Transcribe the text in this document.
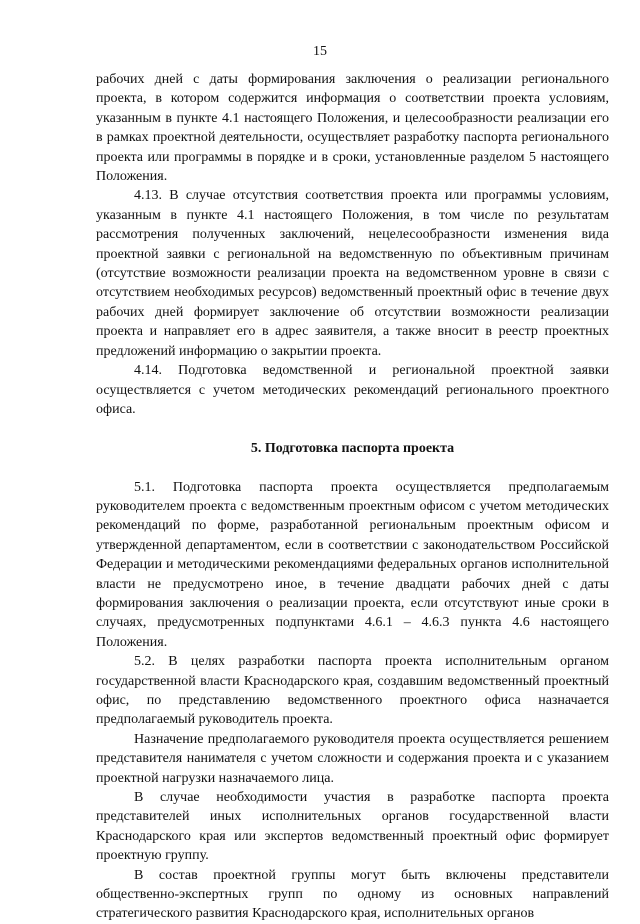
15

рабочих дней с даты формирования заключения о реализации регионального проекта, в котором содержится информация о соответствии проекта условиям, указанным в пункте 4.1 настоящего Положения, и целесообразности реализации его в рамках проектной деятельности, осуществляет разработку паспорта регионального проекта или программы в порядке и в сроки, установленные разделом 5 настоящего Положения.

4.13. В случае отсутствия соответствия проекта или программы условиям, указанным в пункте 4.1 настоящего Положения, в том числе по результатам рассмотрения полученных заключений, нецелесообразности изменения вида проектной заявки с региональной на ведомственную по объективным причинам (отсутствие возможности реализации проекта на ведомственном уровне в связи с отсутствием необходимых ресурсов) ведомственный проектный офис в течение двух рабочих дней формирует заключение об отсутствии возможности реализации проекта и направляет его в адрес заявителя, а также вносит в реестр проектных предложений информацию о закрытии проекта.

4.14. Подготовка ведомственной и региональной проектной заявки осуществляется с учетом методических рекомендаций регионального проектного офиса.

5. Подготовка паспорта проекта

5.1. Подготовка паспорта проекта осуществляется предполагаемым руководителем проекта с ведомственным проектным офисом с учетом методических рекомендаций по форме, разработанной региональным проектным офисом и утвержденной департаментом, если в соответствии с законодательством Российской Федерации и методическими рекомендациями федеральных органов исполнительной власти не предусмотрено иное, в течение двадцати рабочих дней с даты формирования заключения о реализации проекта, если отсутствуют иные сроки в случаях, предусмотренных подпунктами 4.6.1 – 4.6.3 пункта 4.6 настоящего Положения.

5.2. В целях разработки паспорта проекта исполнительным органом государственной власти Краснодарского края, создавшим ведомственный проектный офис, по представлению ведомственного проектного офиса назначается предполагаемый руководитель проекта.

Назначение предполагаемого руководителя проекта осуществляется решением представителя нанимателя с учетом сложности и содержания проекта и с указанием проектной нагрузки назначаемого лица.

В случае необходимости участия в разработке паспорта проекта представителей иных исполнительных органов государственной власти Краснодарского края или экспертов ведомственный проектный офис формирует проектную группу.

В состав проектной группы могут быть включены представители общественно-экспертных групп по одному из основных направлений стратегического развития Краснодарского края, исполнительных органов
